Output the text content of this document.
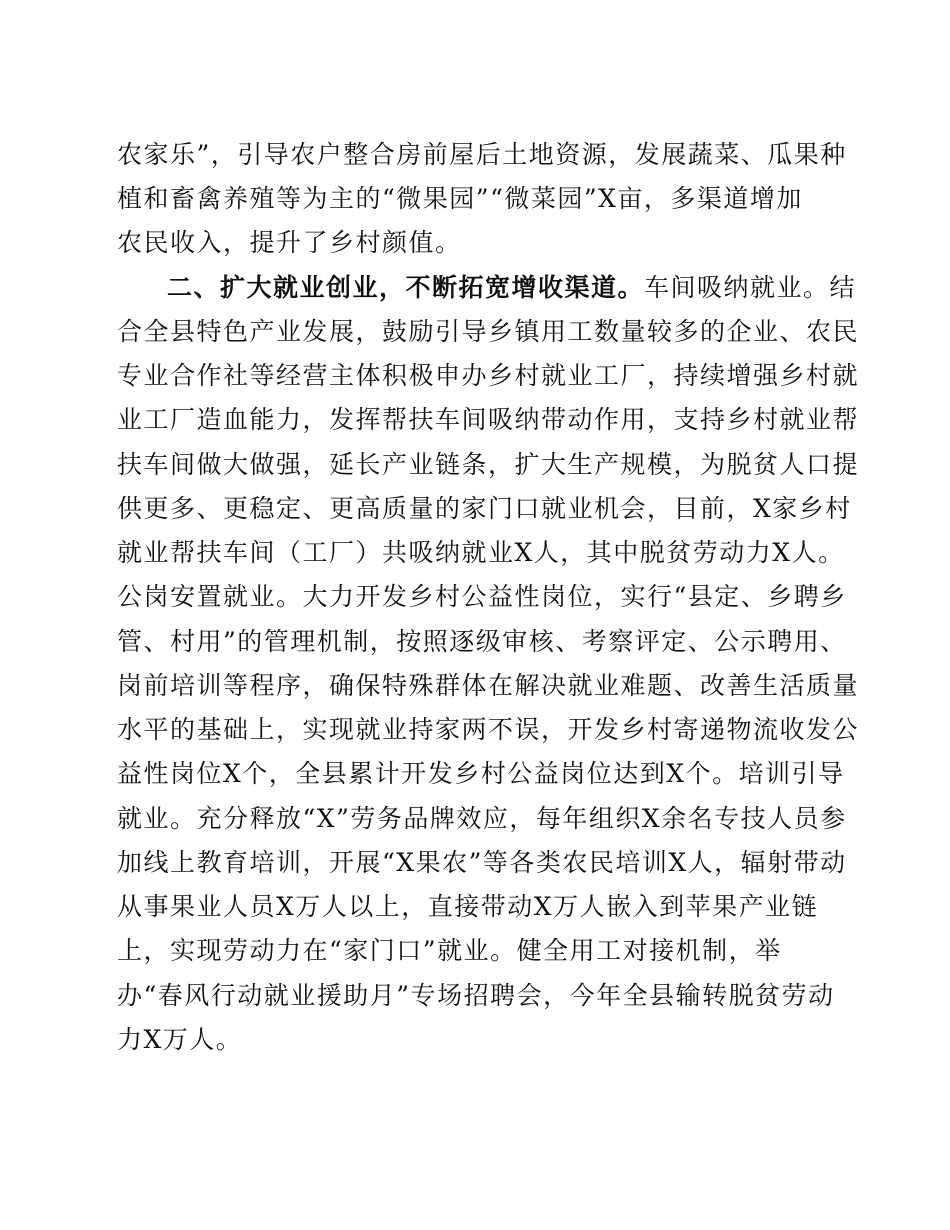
农家乐”，引导农户整合房前屋后土地资源，发展蔬菜、瓜果种
植和畜禽养殖等为主的“微果园”“微菜园”X亩，多渠道增加
农民收入，提升了乡村颜值。
二、扩大就业创业，不断拓宽增收渠道。车间吸纳就业。结
合全县特色产业发展，鼓励引导乡镇用工数量较多的企业、农民
专业合作社等经营主体积极申办乡村就业工厂，持续增强乡村就
业工厂造血能力，发挥帮扶车间吸纳带动作用，支持乡村就业帮
扶车间做大做强，延长产业链条，扩大生产规模，为脱贫人口提
供更多、更稳定、更高质量的家门口就业机会，目前，X家乡村
就业帮扶车间（工厂）共吸纳就业X人，其中脱贫劳动力X人。
公岗安置就业。大力开发乡村公益性岗位，实行“县定、乡聘乡
管、村用”的管理机制，按照逐级审核、考察评定、公示聘用、
岗前培训等程序，确保特殊群体在解决就业难题、改善生活质量
水平的基础上，实现就业持家两不误，开发乡村寄递物流收发公
益性岗位X个，全县累计开发乡村公益岗位达到X个。培训引导
就业。充分释放“X”劳务品牌效应，每年组织X余名专技人员参
加线上教育培训，开展“X果农”等各类农民培训X人，辐射带动
从事果业人员X万人以上，直接带动X万人嵌入到苹果产业链
上，实现劳动力在“家门口”就业。健全用工对接机制，举
办“春风行动就业援助月”专场招聘会，今年全县输转脱贫劳动
力X万人。
